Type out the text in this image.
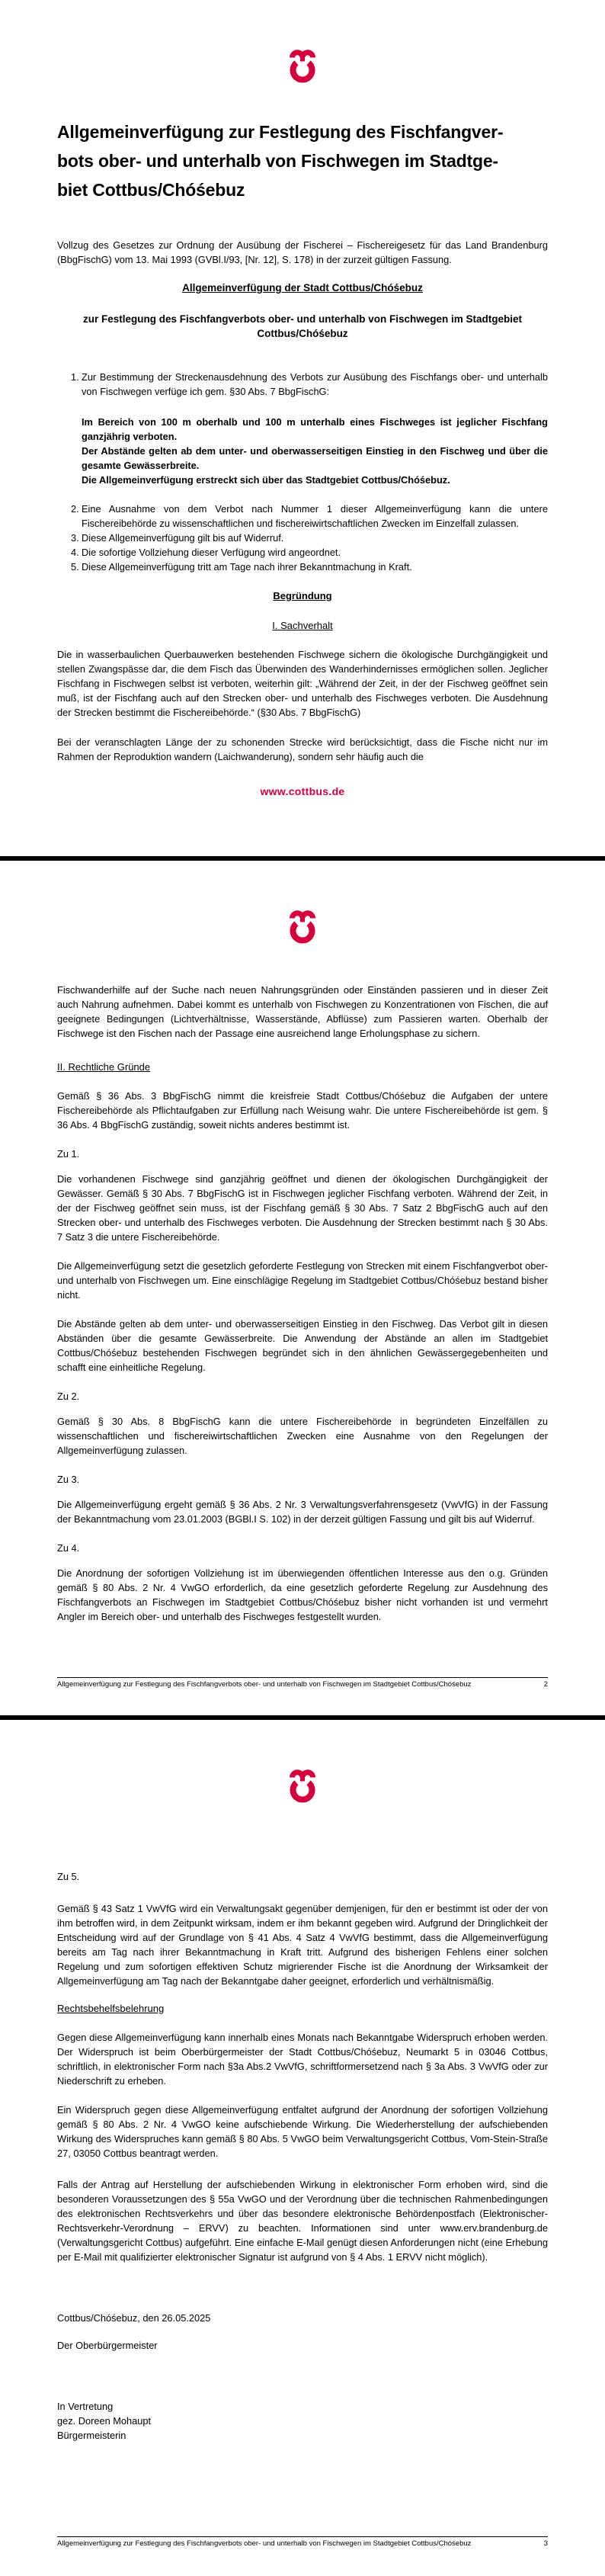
Allgemeinverfügung zur Festlegung des Fischfangver-
bots ober- und unterhalb von Fischwegen im Stadtge-
biet Cottbus/Chóśebuz
Vollzug des Gesetzes zur Ordnung der Ausübung der Fischerei – Fischereigesetz für das Land Brandenburg (BbgFischG) vom 13. Mai 1993 (GVBl.I/93, [Nr. 12], S. 178) in der zurzeit gültigen Fassung.
Allgemeinverfügung der Stadt Cottbus/Chóśebuz
zur Festlegung des Fischfangverbots ober- und unterhalb von Fischwegen im Stadtgebiet Cottbus/Chóśebuz
1. Zur Bestimmung der Streckenausdehnung des Verbots zur Ausübung des Fischfangs ober- und unterhalb von Fischwegen verfüge ich gem. §30 Abs. 7 BbgFischG:
Im Bereich von 100 m oberhalb und 100 m unterhalb eines Fischweges ist jeglicher Fischfang ganzjährig verboten.
Der Abstände gelten ab dem unter- und oberwasserseitigen Einstieg in den Fischweg und über die gesamte Gewässerbreite.
Die Allgemeinverfügung erstreckt sich über das Stadtgebiet Cottbus/Chóśebuz.
2. Eine Ausnahme von dem Verbot nach Nummer 1 dieser Allgemeinverfügung kann die untere Fischereibehörde zu wissenschaftlichen und fischereiwirtschaftlichen Zwecken im Einzelfall zulassen.
3. Diese Allgemeinverfügung gilt bis auf Widerruf.
4. Die sofortige Vollziehung dieser Verfügung wird angeordnet.
5. Diese Allgemeinverfügung tritt am Tage nach ihrer Bekanntmachung in Kraft.
Begründung
I. Sachverhalt
Die in wasserbaulichen Querbauwerken bestehenden Fischwege sichern die ökologische Durchgängigkeit und stellen Zwangspässe dar, die dem Fisch das Überwinden des Wanderhindernisses ermöglichen sollen. Jeglicher Fischfang in Fischwegen selbst ist verboten, weiterhin gilt: „Während der Zeit, in der der Fischweg geöffnet sein muß, ist der Fischfang auch auf den Strecken ober- und unterhalb des Fischweges verboten. Die Ausdehnung der Strecken bestimmt die Fischereibehörde.“ (§30 Abs. 7 BbgFischG)
Bei der veranschlagten Länge der zu schonenden Strecke wird berücksichtigt, dass die Fische nicht nur im Rahmen der Reproduktion wandern (Laichwanderung), sondern sehr häufig auch die
www.cottbus.de
Fischwanderhilfe auf der Suche nach neuen Nahrungsgründen oder Einständen passieren und in dieser Zeit auch Nahrung aufnehmen. Dabei kommt es unterhalb von Fischwegen zu Konzentrationen von Fischen, die auf geeignete Bedingungen (Lichtverhältnisse, Wasserstände, Abflüsse) zum Passieren warten. Oberhalb der Fischwege ist den Fischen nach der Passage eine ausreichend lange Erholungsphase zu sichern.
II. Rechtliche Gründe
Gemäß § 36 Abs. 3 BbgFischG nimmt die kreisfreie Stadt Cottbus/Chóśebuz die Aufgaben der untere Fischereibehörde als Pflichtaufgaben zur Erfüllung nach Weisung wahr. Die untere Fischereibehörde ist gem. § 36 Abs. 4 BbgFischG zuständig, soweit nichts anderes bestimmt ist.
Zu 1.
Die vorhandenen Fischwege sind ganzjährig geöffnet und dienen der ökologischen Durchgängigkeit der Gewässer. Gemäß § 30 Abs. 7 BbgFischG ist in Fischwegen jeglicher Fischfang verboten. Während der Zeit, in der der Fischweg geöffnet sein muss, ist der Fischfang gemäß § 30 Abs. 7 Satz 2 BbgFischG auch auf den Strecken ober- und unterhalb des Fischweges verboten. Die Ausdehnung der Strecken bestimmt nach § 30 Abs. 7 Satz 3 die untere Fischereibehörde.
Die Allgemeinverfügung setzt die gesetzlich geforderte Festlegung von Strecken mit einem Fischfangverbot ober- und unterhalb von Fischwegen um. Eine einschlägige Regelung im Stadtgebiet Cottbus/Chóśebuz bestand bisher nicht.
Die Abstände gelten ab dem unter- und oberwasserseitigen Einstieg in den Fischweg. Das Verbot gilt in diesen Abständen über die gesamte Gewässerbreite. Die Anwendung der Abstände an allen im Stadtgebiet Cottbus/Chóśebuz bestehenden Fischwegen begründet sich in den ähnlichen Gewässergegebenheiten und schafft eine einheitliche Regelung.
Zu 2.
Gemäß § 30 Abs. 8 BbgFischG kann die untere Fischereibehörde in begründeten Einzelfällen zu wissenschaftlichen und fischereiwirtschaftlichen Zwecken eine Ausnahme von den Regelungen der Allgemeinverfügung zulassen.
Zu 3.
Die Allgemeinverfügung ergeht gemäß § 36 Abs. 2 Nr. 3 Verwaltungsverfahrensgesetz (VwVfG) in der Fassung der Bekanntmachung vom 23.01.2003 (BGBl.I S. 102) in der derzeit gültigen Fassung und gilt bis auf Widerruf.
Zu 4.
Die Anordnung der sofortigen Vollziehung ist im überwiegenden öffentlichen Interesse aus den o.g. Gründen gemäß § 80 Abs. 2 Nr. 4 VwGO erforderlich, da eine gesetzlich geforderte Regelung zur Ausdehnung des Fischfangverbots an Fischwegen im Stadtgebiet Cottbus/Chóśebuz bisher nicht vorhanden ist und vermehrt Angler im Bereich ober- und unterhalb des Fischweges festgestellt wurden.
Allgemeinverfügung zur Festlegung des Fischfangverbots ober- und unterhalb von Fischwegen im Stadtgebiet Cottbus/Chóśebuz	2
Zu 5.
Gemäß § 43 Satz 1 VwVfG wird ein Verwaltungsakt gegenüber demjenigen, für den er bestimmt ist oder der von ihm betroffen wird, in dem Zeitpunkt wirksam, indem er ihm bekannt gegeben wird. Aufgrund der Dringlichkeit der Entscheidung wird auf der Grundlage von § 41 Abs. 4 Satz 4 VwVfG bestimmt, dass die Allgemeinverfügung bereits am Tag nach ihrer Bekanntmachung in Kraft tritt. Aufgrund des bisherigen Fehlens einer solchen Regelung und zum sofortigen effektiven Schutz migrierender Fische ist die Anordnung der Wirksamkeit der Allgemeinverfügung am Tag nach der Bekanntgabe daher geeignet, erforderlich und verhältnismäßig.
Rechtsbehelfsbelehrung
Gegen diese Allgemeinverfügung kann innerhalb eines Monats nach Bekanntgabe Widerspruch erhoben werden. Der Widerspruch ist beim Oberbürgermeister der Stadt Cottbus/Chóśebuz, Neumarkt 5 in 03046 Cottbus, schriftlich, in elektronischer Form nach §3a Abs.2 VwVfG, schriftformersetzend nach § 3a Abs. 3 VwVfG oder zur Niederschrift zu erheben.
Ein Widerspruch gegen diese Allgemeinverfügung entfaltet aufgrund der Anordnung der sofortigen Vollziehung gemäß § 80 Abs. 2 Nr. 4 VwGO keine aufschiebende Wirkung. Die Wiederherstellung der aufschiebenden Wirkung des Widerspruches kann gemäß § 80 Abs. 5 VwGO beim Verwaltungsgericht Cottbus, Vom-Stein-Straße 27, 03050 Cottbus beantragt werden.
Falls der Antrag auf Herstellung der aufschiebenden Wirkung in elektronischer Form erhoben wird, sind die besonderen Voraussetzungen des § 55a VwGO und der Verordnung über die technischen Rahmenbedingungen des elektronischen Rechtsverkehrs und über das besondere elektronische Behördenpostfach (Elektronischer-Rechtsverkehr-Verordnung – ERVV) zu beachten. Informationen sind unter www.erv.brandenburg.de (Verwaltungsgericht Cottbus) aufgeführt. Eine einfache E-Mail genügt diesen Anforderungen nicht (eine Erhebung per E-Mail mit qualifizierter elektronischer Signatur ist aufgrund von § 4 Abs. 1 ERVV nicht möglich).
Cottbus/Chóśebuz, den 26.05.2025
Der Oberbürgermeister
In Vertretung
gez. Doreen Mohaupt
Bürgermeisterin
Allgemeinverfügung zur Festlegung des Fischfangverbots ober- und unterhalb von Fischwegen im Stadtgebiet Cottbus/Chóśebuz	3
